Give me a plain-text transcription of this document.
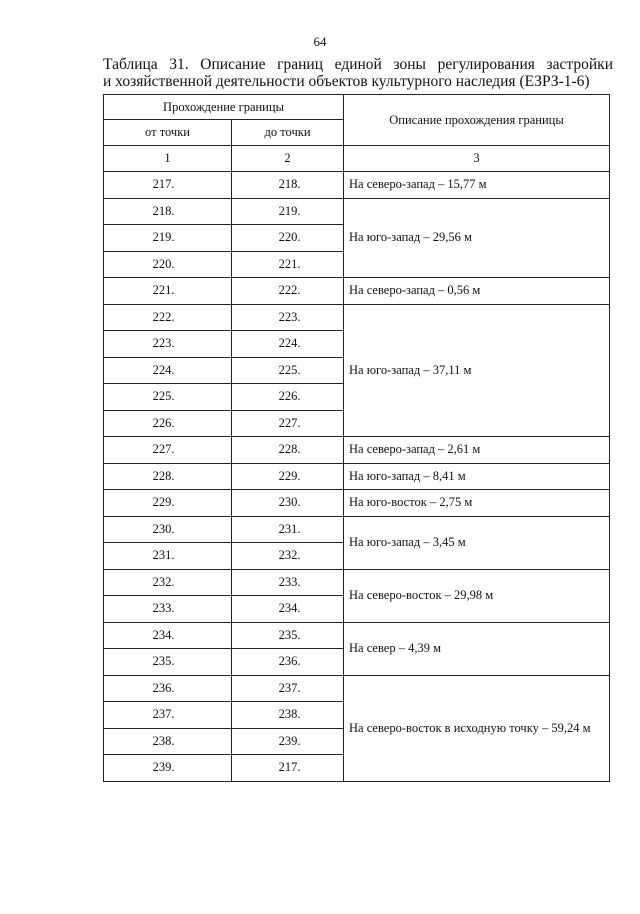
64
Таблица 31. Описание границ единой зоны регулирования застройки
и хозяйственной деятельности объектов культурного наследия (ЕЗРЗ-1-6)
Прохождение границы		Описание прохождения границы
от точки	до точки	
1	2	3
217.	218.	На северо-запад – 15,77 м
218.	219.	На юго-запад – 29,56 м
219.	220.	
220.	221.	
221.	222.	На северо-запад – 0,56 м
222.	223.	На юго-запад – 37,11 м
223.	224.	
224.	225.	
225.	226.	
226.	227.	
227.	228.	На северо-запад – 2,61 м
228.	229.	На юго-запад – 8,41 м
229.	230.	На юго-восток – 2,75 м
230.	231.	На юго-запад – 3,45 м
231.	232.	
232.	233.	На северо-восток – 29,98 м
233.	234.	
234.	235.	На север – 4,39 м
235.	236.	
236.	237.	На северо-восток в исходную точку – 59,24 м
237.	238.	
238.	239.	
239.	217.	
